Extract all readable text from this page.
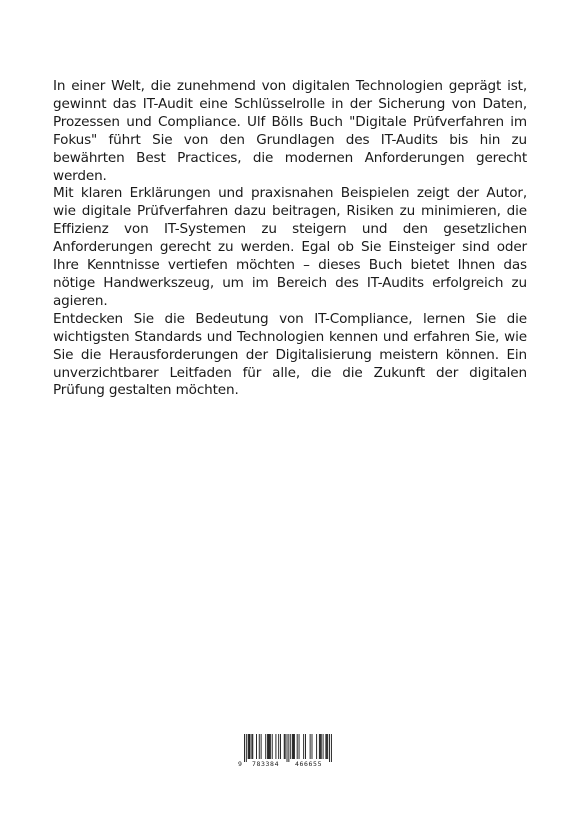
In einer Welt, die zunehmend von digitalen Technologien geprägt ist, gewinnt das IT-Audit eine Schlüsselrolle in der Sicherung von Daten, Prozessen und Compliance. Ulf Bölls Buch "Digitale Prüfverfahren im Fokus" führt Sie von den Grundlagen des IT-Audits bis hin zu bewährten Best Practices, die modernen Anforderungen gerecht werden.

Mit klaren Erklärungen und praxisnahen Beispielen zeigt der Autor, wie digitale Prüfverfahren dazu beitragen, Risiken zu minimieren, die Effizienz von IT-Systemen zu steigern und den gesetzlichen Anforderungen gerecht zu werden. Egal ob Sie Einsteiger sind oder Ihre Kenntnisse vertiefen möchten – dieses Buch bietet Ihnen das nötige Handwerkszeug, um im Bereich des IT-Audits erfolgreich zu agieren.

Entdecken Sie die Bedeutung von IT-Compliance, lernen Sie die wichtigsten Standards und Technologien kennen und erfahren Sie, wie Sie die Herausforderungen der Digitalisierung meistern können. Ein unverzichtbarer Leitfaden für alle, die die Zukunft der digitalen Prüfung gestalten möchten.

9 783384 466655
